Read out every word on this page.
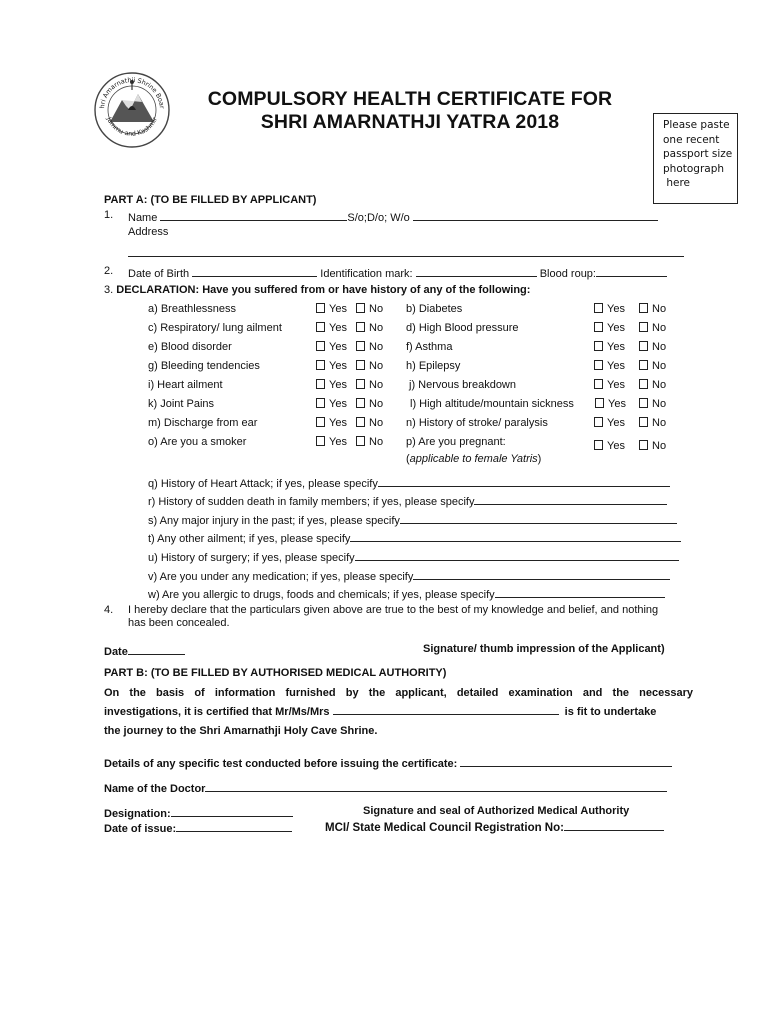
hri Amarnathji Shrine Boar
Jammu and Kashmir
COMPULSORY HEALTH CERTIFICATE FOR
SHRI AMARNATHJI YATRA 2018	Please paste
one recent
passport size
photograph
here
PART A: (TO BE FILLED BY APPLICANT)
1. Name	S/o;D/o; W/o
Address
2. Date of Birth	Identification mark:	Blood roup:
3. DECLARATION: Have you suffered from or have history of any of the following:
a) Breathlessness	Yes	No b) Diabetes	Yes	No
c) Respiratory/ lung ailment	Yes	No d) High Blood pressure	Yes	No
e) Blood disorder	Yes	No f) Asthma	Yes	No
g) Bleeding tendencies	Yes	No h) Epilepsy	Yes	No
i) Heart ailment	Yes	No j) Nervous breakdown	Yes	No
k) Joint Pains	Yes	No l) High altitude/mountain sickness	Yes	No
m) Discharge from ear	Yes	No n) History of stroke/ paralysis	Yes	No
o) Are you a smoker	Yes	No p) Are you pregnant:	Yes	No
(applicable to female Yatris)
q) History of Heart Attack; if yes, please specify
r) History of sudden death in family members; if yes, please specify
s) Any major injury in the past; if yes, please specify
t) Any other ailment; if yes, please specify
u) History of surgery; if yes, please specify
v) Are you under any medication; if yes, please specify
w) Are you allergic to drugs, foods and chemicals; if yes, please specify
4. I hereby declare that the particulars given above are true to the best of my knowledge and belief, and nothing
has been concealed.
Date	Signature/ thumb impression of the Applicant)
PART B: (TO BE FILLED BY AUTHORISED MEDICAL AUTHORITY)
On the basis of information furnished by the applicant, detailed examination and the necessary
investigations, it is certified that Mr/Ms/Mrs	is fit to undertake
the journey to the Shri Amarnathji Holy Cave Shrine.
Details of any specific test conducted before issuing the certificate:
Name of the Doctor
Designation:	Signature and seal of Authorized Medical Authority
Date of issue:	MCI/ State Medical Council Registration No:
